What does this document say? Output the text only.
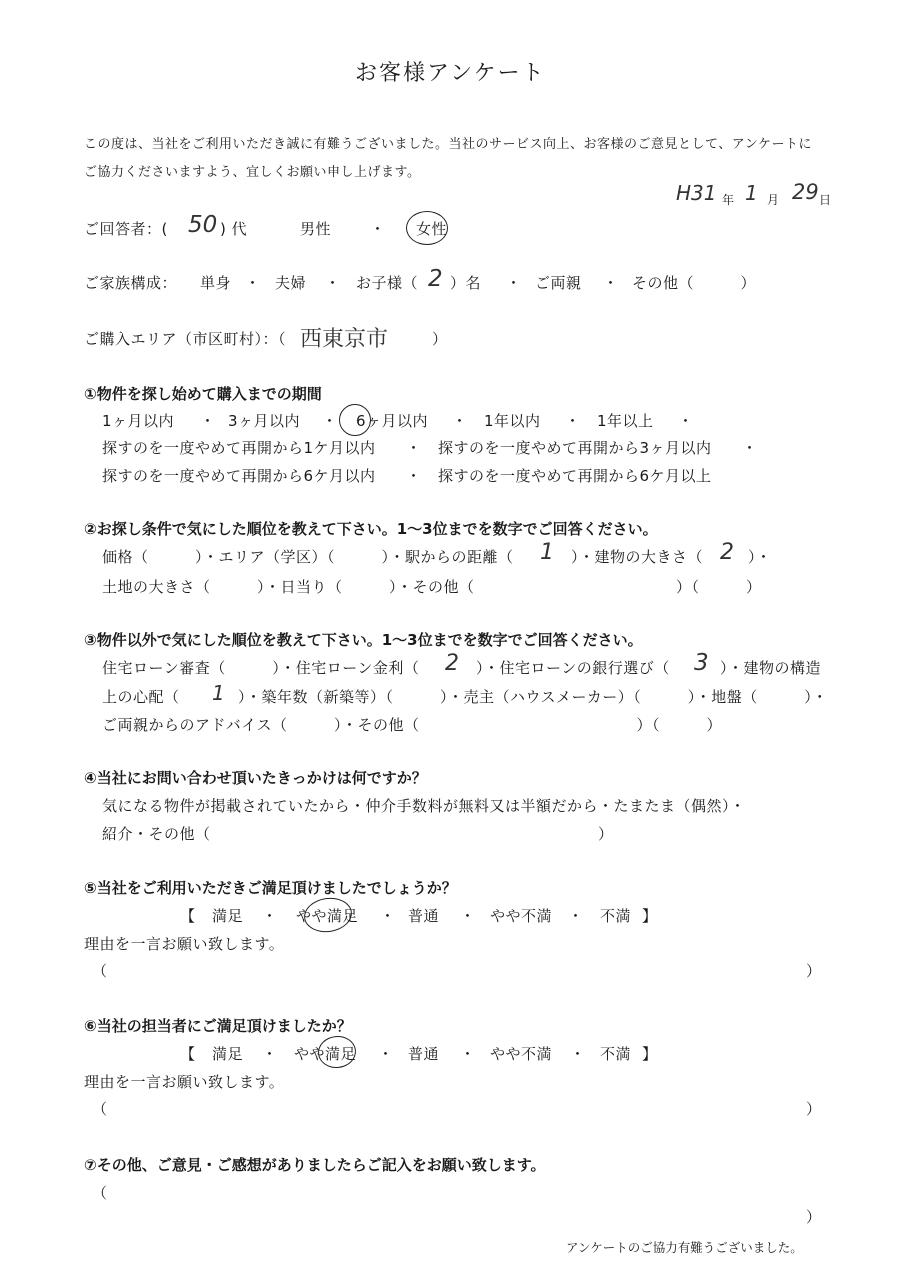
お客様アンケート
この度は、当社をご利用いただき誠に有難うございました。当社のサービス向上、お客様のご意見として、アンケートに
ご協力くださいますよう、宜しくお願い申し上げます。
H31 年 1 月 29 日
ご回答者：( 50 ) 代	男性	・ 女性
ご家族構成： 単身 ・ 夫婦 ・ お子様（ 2 ）名 ・ ご両親 ・ その他（　　　）
ご購入エリア（市区町村）：（ 西東京市	）
①物件を探し始めて購入までの期間
1ヶ月以内 ・ 3ヶ月以内 ・ 6ヶ月以内 ・ 1年以内 ・ 1年以上 ・
探すのを一度やめて再開から1ケ月以内 ・ 探すのを一度やめて再開から3ヶ月以内 ・
探すのを一度やめて再開から6ケ月以内 ・ 探すのを一度やめて再開から6ケ月以上
②お探し条件で気にした順位を教えて下さい。1～3位までを数字でご回答ください。
価格（　　　）・エリア（学区）（　　　）・駅からの距離（ 1 ）・建物の大きさ（ 2 ）・
土地の大きさ（　　　）・日当り（　　　）・その他（　　　　　　　　　　　　　）（　　　）
③物件以外で気にした順位を教えて下さい。1～3位までを数字でご回答ください。
住宅ローン審査（　　　）・住宅ローン金利（ 2 ）・住宅ローンの銀行選び（ 3 ）・建物の構造
上の心配（ 1 ）・築年数（新築等）（　　　）・売主（ハウスメーカー）（　　　）・地盤（　　　）・
ご両親からのアドバイス（　　　）・その他（　　　　　　　　　　　　　　）（　　　）
④当社にお問い合わせ頂いたきっかけは何ですか？
気になる物件が掲載されていたから・仲介手数料が無料又は半額だから・たまたま（偶然）・
紹介・その他（　　　　　　　　　　　　　　　　　　　　　　　　　）
⑤当社をご利用いただきご満足頂けましたでしょうか？
【 満足 ・ やや満足 ・ 普通 ・ やや不満 ・ 不満 】
理由を一言お願い致します。
（	）
⑥当社の担当者にご満足頂けましたか？
【 満足 ・ やや満足 ・ 普通 ・ やや不満 ・ 不満 】
理由を一言お願い致します。
（	）
⑦その他、ご意見・ご感想がありましたらご記入をお願い致します。
（
）
アンケートのご協力有難うございました。
